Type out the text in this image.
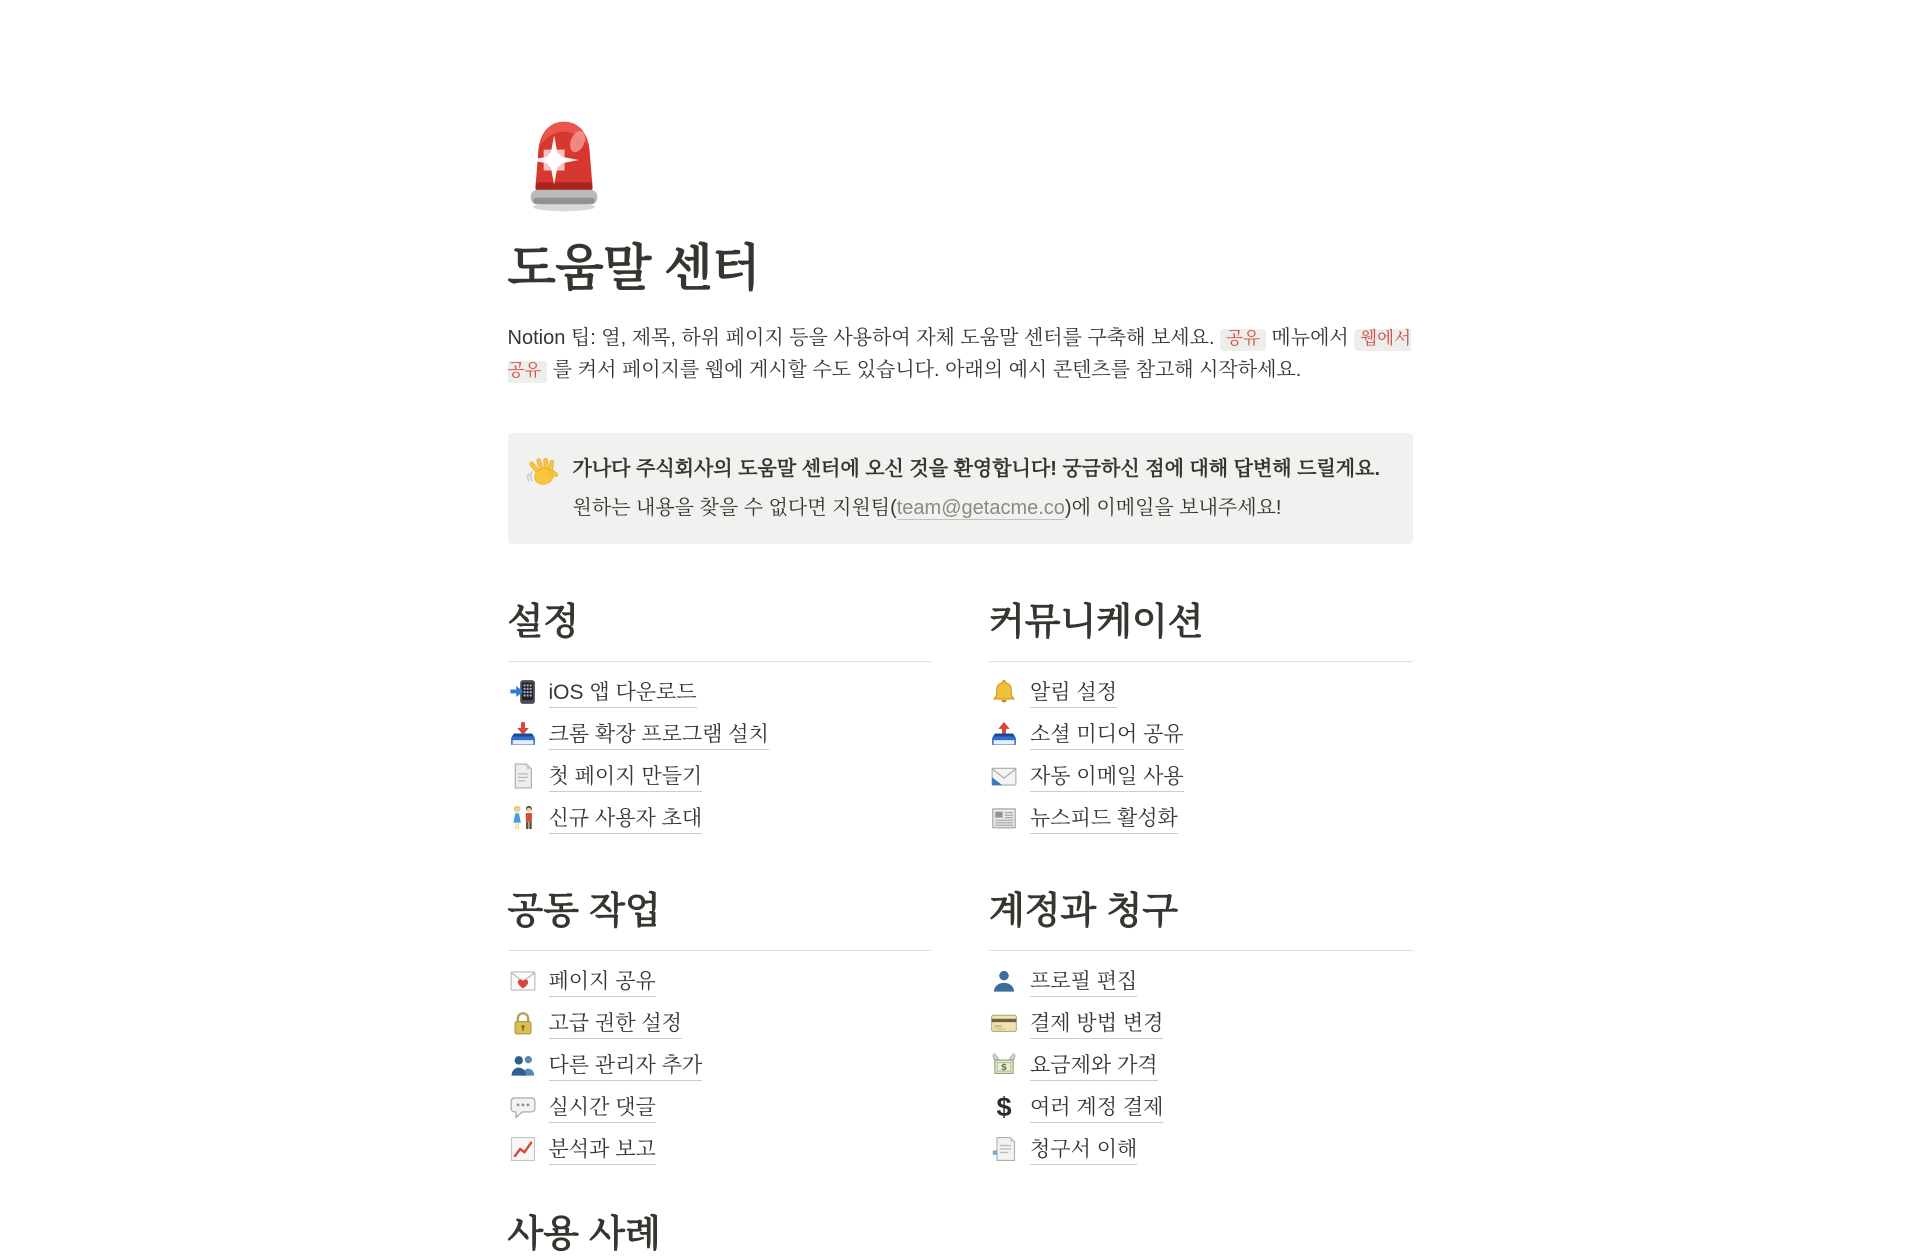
도움말 센터

Notion 팁: 열, 제목, 하위 페이지 등을 사용하여 자체 도움말 센터를 구축해 보세요. 공유 메뉴에서 웹에서 공유 를 켜서 페이지를 웹에 게시할 수도 있습니다. 아래의 예시 콘텐츠를 참고해 시작하세요.

가나다 주식회사의 도움말 센터에 오신 것을 환영합니다! 궁금하신 점에 대해 답변해 드릴게요.
원하는 내용을 찾을 수 없다면 지원팀(team@getacme.co)에 이메일을 보내주세요!
설정
iOS 앱 다운로드
크롬 확장 프로그램 설치
첫 페이지 만들기
신규 사용자 초대
커뮤니케이션
알림 설정
소셜 미디어 공유
자동 이메일 사용
뉴스피드 활성화
공동 작업
페이지 공유
고급 권한 설정
다른 관리자 추가
실시간 댓글
분석과 보고
계정과 청구
프로필 편집
결제 방법 변경
$ 요금제와 가격
$ 여러 계정 결제
청구서 이해
사용 사례
